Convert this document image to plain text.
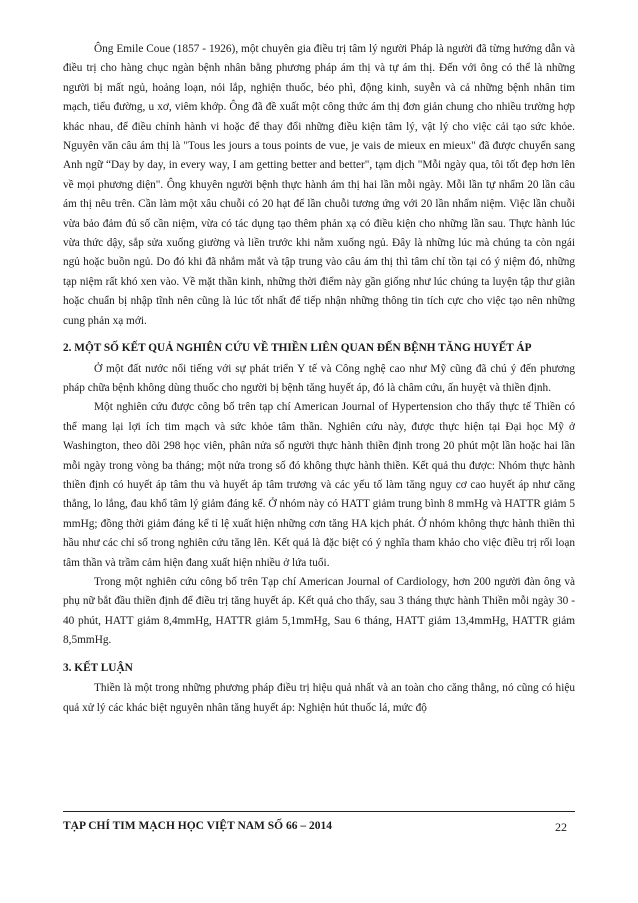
Ông Emile Coue (1857 - 1926), một chuyên gia điều trị tâm lý người Pháp là người đã từng hướng dẫn và điều trị cho hàng chục ngàn bệnh nhân bằng phương pháp ám thị và tự ám thị. Đến với ông có thể là những người bị mất ngủ, hoảng loạn, nói lắp, nghiện thuốc, béo phì, động kinh, suyễn và cả những bệnh nhân tim mạch, tiểu đường, u xơ, viêm khớp. Ông đã đề xuất một công thức ám thị đơn giản chung cho nhiều trường hợp khác nhau, để điều chỉnh hành vi hoặc để thay đổi những điều kiện tâm lý, vật lý cho việc cải tạo sức khỏe. Nguyên văn câu ám thị là "Tous les jours a tous points de vue, je vais de mieux en mieux" đã được chuyển sang Anh ngữ “Day by day, in every way, I am getting better and better", tạm dịch "Mỗi ngày qua, tôi tốt đẹp hơn lên về mọi phương diện". Ông khuyên người bệnh thực hành ám thị hai lần mỗi ngày. Mỗi lần tự nhẩm 20 lần câu ám thị nêu trên. Cần làm một xâu chuỗi có 20 hạt để lần chuỗi tương ứng với 20 lần nhẩm niệm. Việc lần chuỗi vừa bảo đảm đủ số cần niệm, vừa có tác dụng tạo thêm phản xạ có điều kiện cho những lần sau. Thực hành lúc vừa thức dậy, sắp sửa xuống giường và liền trước khi nằm xuống ngủ. Đây là những lúc mà chúng ta còn ngái ngủ hoặc buồn ngủ. Do đó khi đã nhắm mắt và tập trung vào câu ám thị thì tâm chỉ tồn tại có ý niệm đó, những tạp niệm rất khó xen vào. Về mặt thần kinh, những thời điểm này gần giống như lúc chúng ta luyện tập thư giãn hoặc chuẩn bị nhập tĩnh nên cũng là lúc tốt nhất để tiếp nhận những thông tin tích cực cho việc tạo nên những cung phản xạ mới.

2. MỘT SỐ KẾT QUẢ NGHIÊN CỨU VỀ THIỀN LIÊN QUAN ĐẾN BỆNH TĂNG HUYẾT ÁP

Ở một đất nước nổi tiếng với sự phát triển Y tế và Công nghệ cao như Mỹ cũng đã chú ý đến phương pháp chữa bệnh không dùng thuốc cho người bị bệnh tăng huyết áp, đó là châm cứu, ấn huyệt và thiền định.

Một nghiên cứu được công bố trên tạp chí American Journal of Hypertension cho thấy thực tế Thiền có thể mang lại lợi ích tim mạch và sức khỏe tâm thần. Nghiên cứu này, được thực hiện tại Đại học Mỹ ở Washington, theo dõi 298 học viên, phân nửa số người thực hành thiền định trong 20 phút một lần hoặc hai lần mỗi ngày trong vòng ba tháng; một nửa trong số đó không thực hành thiền. Kết quả thu được: Nhóm thực hành thiền định có huyết áp tâm thu và huyết áp tâm trương và các yếu tố làm tăng nguy cơ cao huyết áp như căng thẳng, lo lắng, đau khổ tâm lý giảm đáng kể. Ở nhóm này có HATT giảm trung bình 8 mmHg và HATTR giảm 5 mmHg; đồng thời giảm đáng kể tỉ lệ xuất hiện những cơn tăng HA kịch phát. Ở nhóm không thực hành thiền thì hầu như các chỉ số trong nghiên cứu tăng lên. Kết quả là đặc biệt có ý nghĩa tham khảo cho việc điều trị rối loạn tâm thần và trầm cảm hiện đang xuất hiện nhiều ở lứa tuổi.

Trong một nghiên cứu công bố trên Tạp chí American Journal of Cardiology, hơn 200 người đàn ông và phụ nữ bắt đầu thiền định để điều trị tăng huyết áp. Kết quả cho thấy, sau 3 tháng thực hành Thiền mỗi ngày 30 - 40 phút, HATT giảm 8,4mmHg, HATTR giảm 5,1mmHg, Sau 6 tháng, HATT giảm 13,4mmHg, HATTR giảm 8,5mmHg.

3. KẾT LUẬN

Thiền là một trong những phương pháp điều trị hiệu quả nhất và an toàn cho căng thẳng, nó cũng có hiệu quả xử lý các khác biệt nguyên nhân tăng huyết áp: Nghiện hút thuốc lá, mức độ

TẠP CHÍ TIM MẠCH HỌC VIỆT NAM SỐ 66 – 2014	22
